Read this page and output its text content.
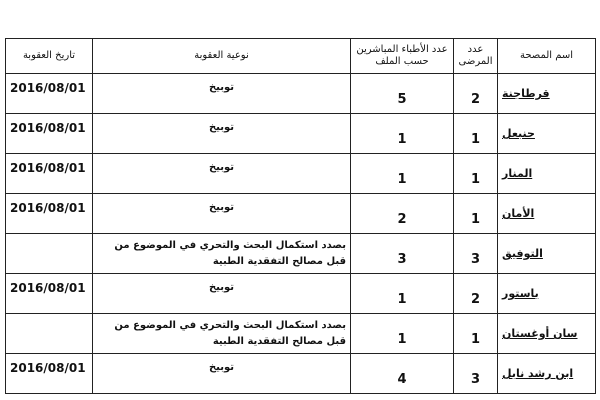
اسم المصحة	عدد المرضى	عدد الأطباء المباشرين حسب الملف	نوعية العقوبة	تاريخ العقوبة

قرطاجنة	2	5	توبيخ	2016/08/01

حنبعل	1	1	توبيخ	2016/08/01

المنار	1	1	توبيخ	2016/08/01

الأمان	1	2	توبيخ	2016/08/01

التوفيق	3	3	بصدد استكمال البحث والتحري في الموضوع من قبل مصالح التفقدية الطبية	

باستور	2	1	توبيخ	2016/08/01

سان أوغستان	1	1	بصدد استكمال البحث والتحري في الموضوع من قبل مصالح التفقدية الطبية	

ابن رشد نابل	3	4	توبيخ	2016/08/01
